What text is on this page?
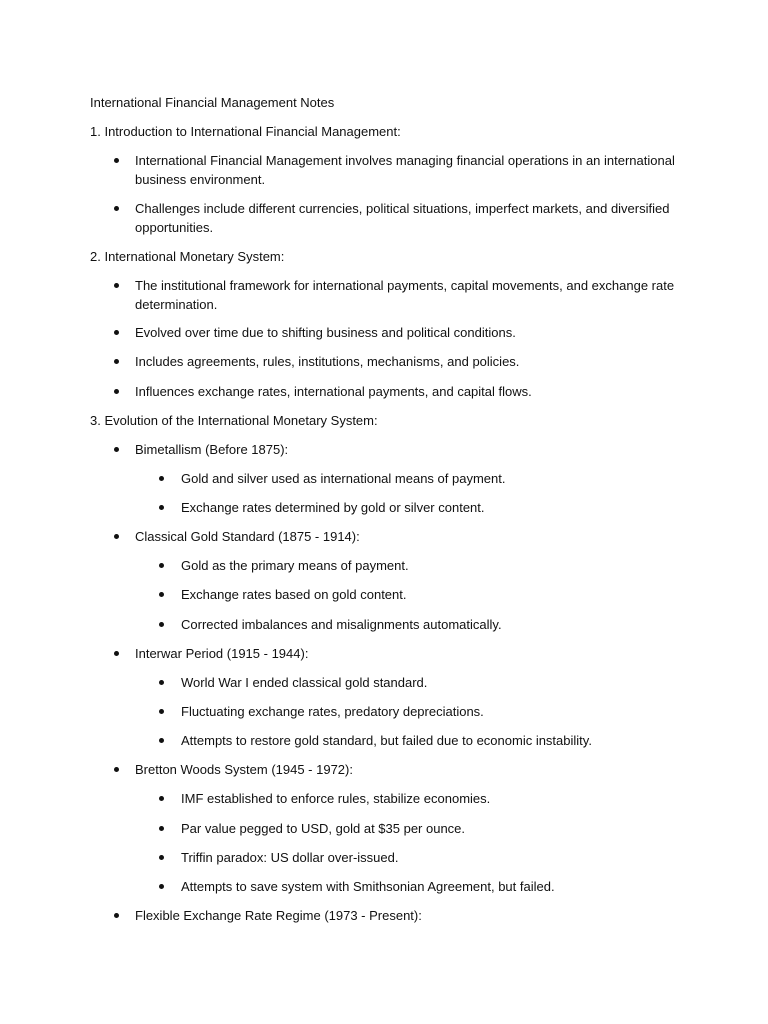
International Financial Management Notes
1. Introduction to International Financial Management:
International Financial Management involves managing financial operations in an international
business environment.
Challenges include different currencies, political situations, imperfect markets, and diversified
opportunities.
2. International Monetary System:
The institutional framework for international payments, capital movements, and exchange rate
determination.
Evolved over time due to shifting business and political conditions.
Includes agreements, rules, institutions, mechanisms, and policies.
Influences exchange rates, international payments, and capital flows.
3. Evolution of the International Monetary System:
Bimetallism (Before 1875):
Gold and silver used as international means of payment.
Exchange rates determined by gold or silver content.
Classical Gold Standard (1875 - 1914):
Gold as the primary means of payment.
Exchange rates based on gold content.
Corrected imbalances and misalignments automatically.
Interwar Period (1915 - 1944):
World War I ended classical gold standard.
Fluctuating exchange rates, predatory depreciations.
Attempts to restore gold standard, but failed due to economic instability.
Bretton Woods System (1945 - 1972):
IMF established to enforce rules, stabilize economies.
Par value pegged to USD, gold at $35 per ounce.
Triffin paradox: US dollar over-issued.
Attempts to save system with Smithsonian Agreement, but failed.
Flexible Exchange Rate Regime (1973 - Present):
